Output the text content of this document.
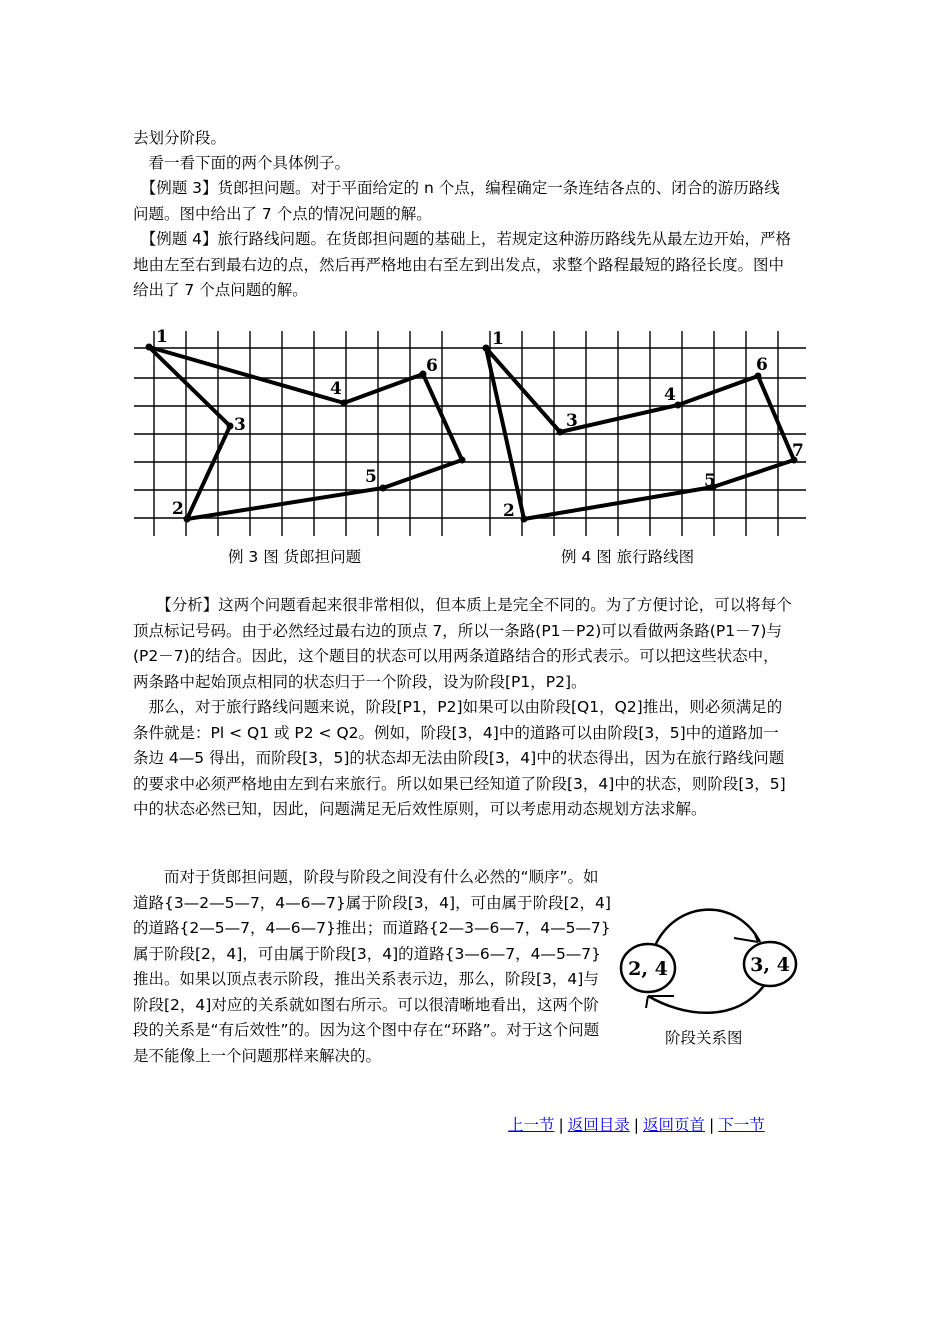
去划分阶段。

　看一看下面的两个具体例子。

　【例题 3】货郎担问题。对于平面给定的 n 个点，编程确定一条连结各点的、闭合的游历路线问题。图中给出了 7 个点的情况问题的解。

　【例题 4】旅行路线问题。在货郎担问题的基础上，若规定这种游历路线先从最左边开始，严格地由左至右到最右边的点，然后再严格地由右至左到出发点，求整个路程最短的路径长度。图中给出了 7 个点问题的解。

1
2
3
4
5
6
1
2
3
4
5
6
7
例 3 图 货郎担问题	例 4 图 旅行路线图

　　【分析】这两个问题看起来很非常相似，但本质上是完全不同的。为了方便讨论，可以将每个顶点标记号码。由于必然经过最右边的顶点 7，所以一条路(P1－P2)可以看做两条路(P1－7)与(P2－7)的结合。因此，这个题目的状态可以用两条道路结合的形式表示。可以把这些状态中，两条路中起始顶点相同的状态归于一个阶段，设为阶段[P1，P2]。

　那么，对于旅行路线问题来说，阶段[P1，P2]如果可以由阶段[Q1，Q2]推出，则必须满足的条件就是：Pl < Q1 或 P2 < Q2。例如，阶段[3，4]中的道路可以由阶段[3，5]中的道路加一条边 4—5 得出，而阶段[3，5]的状态却无法由阶段[3，4]中的状态得出，因为在旅行路线问题的要求中必须严格地由左到右来旅行。所以如果已经知道了阶段[3，4]中的状态，则阶段[3，5]中的状态必然已知，因此，问题满足无后效性原则，可以考虑用动态规划方法求解。

　　而对于货郎担问题，阶段与阶段之间没有什么必然的“顺序”。如道路{3—2—5—7，4—6—7}属于阶段[3，4]，可由属于阶段[2，4]的道路{2—5—7，4—6—7}推出；而道路{2—3—6—7，4—5—7}属于阶段[2，4]，可由属于阶段[3，4]的道路{3—6—7，4—5—7}推出。如果以顶点表示阶段，推出关系表示边，那么，阶段[3，4]与阶段[2，4]对应的关系就如图右所示。可以很清晰地看出，这两个阶段的关系是“有后效性”的。因为这个图中存在“环路”。对于这个问题是不能像上一个问题那样来解决的。

2, 4	3, 4
阶段关系图
上一节 | 返回目录 | 返回页首 | 下一节
